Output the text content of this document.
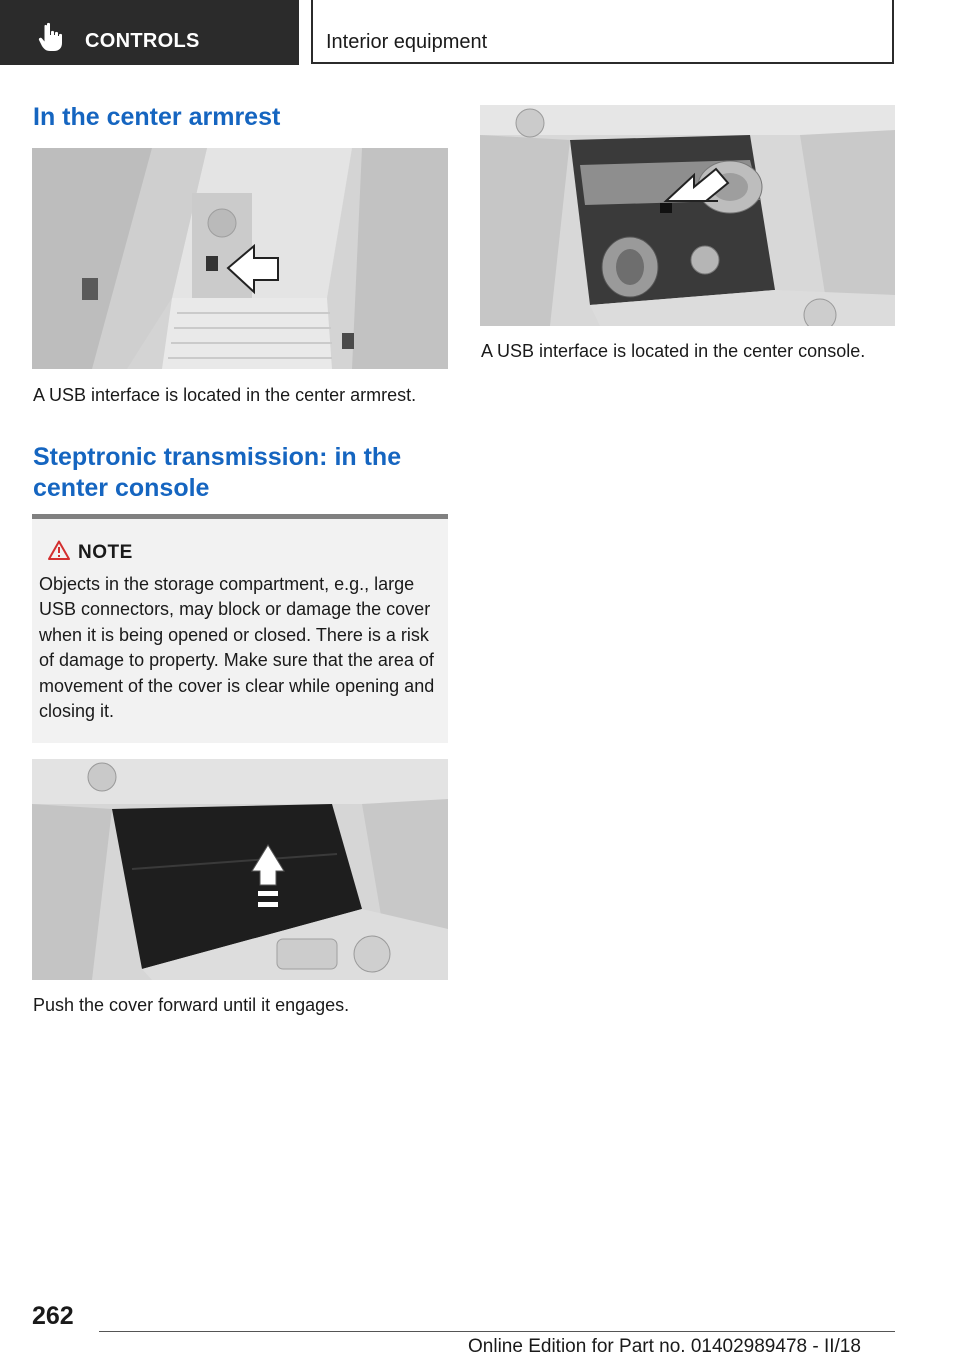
CONTROLS	Interior equipment
In the center armrest
A USB interface is located in the center armrest.
Steptronic transmission: in the center console
NOTE
Objects in the storage compartment, e.g., large USB connectors, may block or damage the cover when it is being opened or closed. There is a risk of damage to property. Make sure that the area of movement of the cover is clear while opening and closing it.
Push the cover forward until it engages.
A USB interface is located in the center console.
262
Online Edition for Part no. 01402989478 - II/18
